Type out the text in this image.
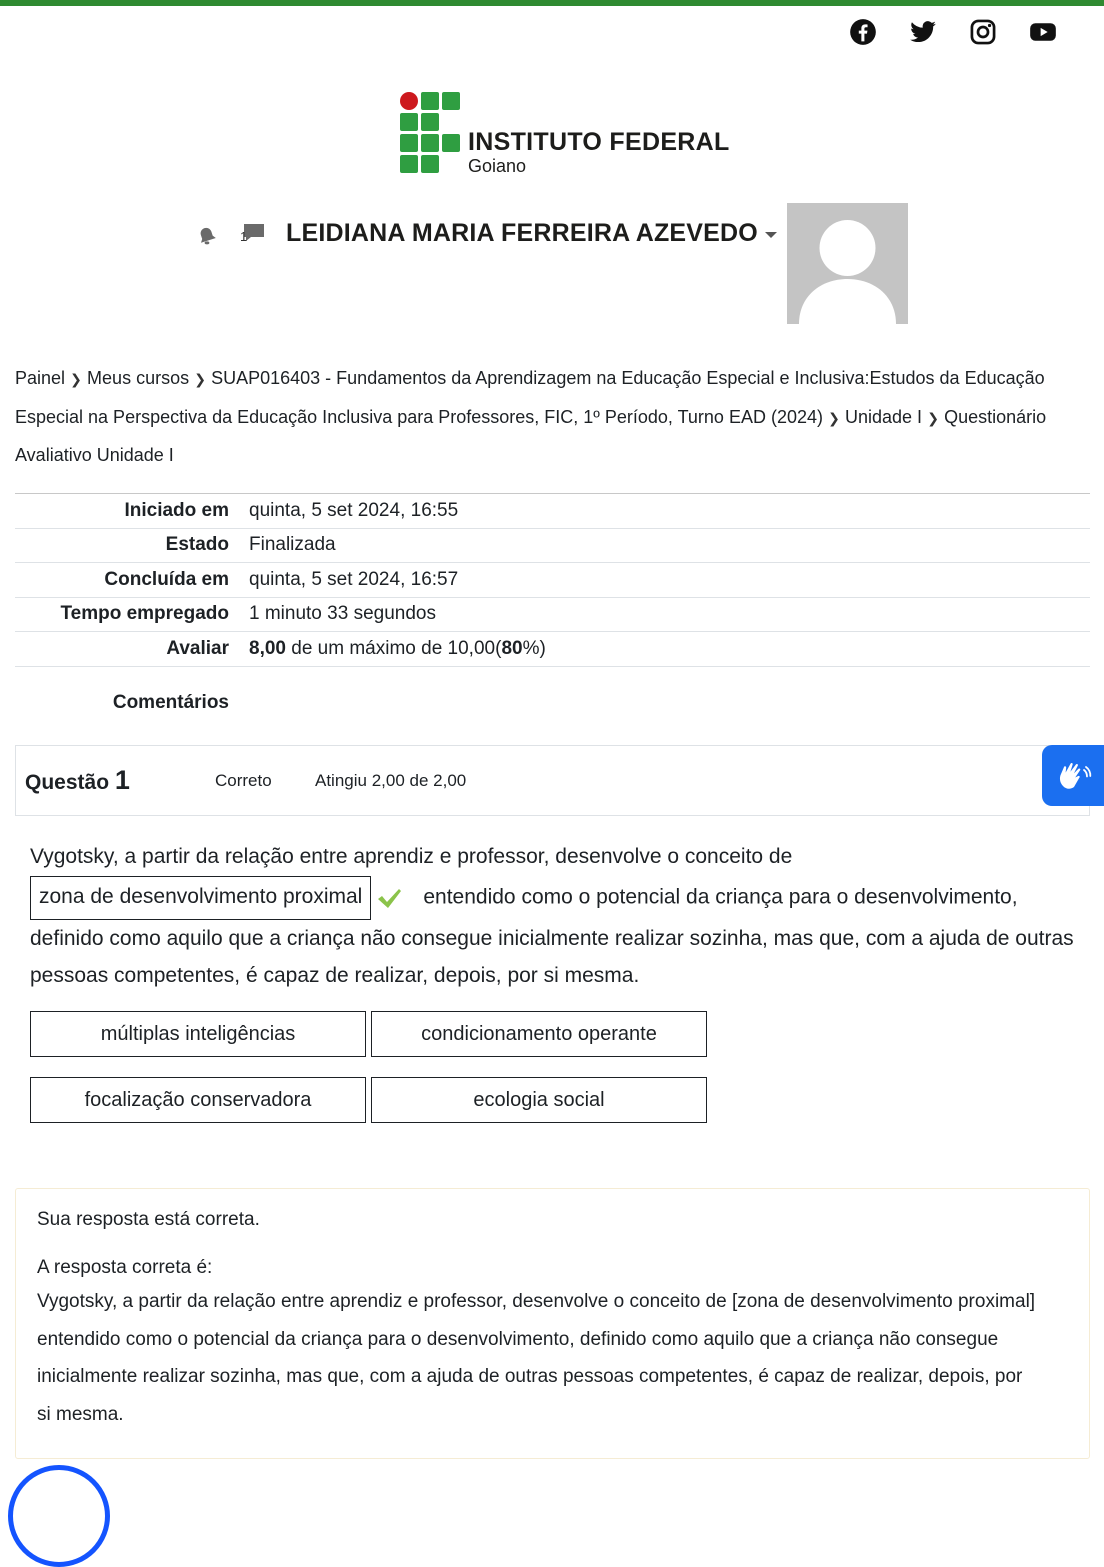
INSTITUTO FEDERAL
Goiano
1 LEIDIANA MARIA FERREIRA AZEVEDO
Painel ❯ Meus cursos ❯ SUAP016403 - Fundamentos da Aprendizagem na Educação Especial e Inclusiva:Estudos da Educação Especial na Perspectiva da Educação Inclusiva para Professores, FIC, 1º Período, Turno EAD (2024) ❯ Unidade I ❯ Questionário Avaliativo Unidade I
Iniciado em	quinta, 5 set 2024, 16:55
Estado	Finalizada
Concluída em	quinta, 5 set 2024, 16:57
Tempo empregado	1 minuto 33 segundos
Avaliar	8,00 de um máximo de 10,00(80%)
Comentários	
Questão 1	Correto	Atingiu 2,00 de 2,00
Vygotsky, a partir da relação entre aprendiz e professor, desenvolve o conceito de
zona de desenvolvimento proximal	entendido como o potencial da criança para o desenvolvimento, definido como aquilo que a criança não consegue inicialmente realizar sozinha, mas que, com a ajuda de outras pessoas competentes, é capaz de realizar, depois, por si mesma.
múltiplas inteligências	condicionamento operante
focalização conservadora	ecologia social
Sua resposta está correta.
A resposta correta é:
Vygotsky, a partir da relação entre aprendiz e professor, desenvolve o conceito de [zona de desenvolvimento proximal] entendido como o potencial da criança para o desenvolvimento, definido como aquilo que a criança não consegue inicialmente realizar sozinha, mas que, com a ajuda de outras pessoas competentes, é capaz de realizar, depois, por si mesma.
